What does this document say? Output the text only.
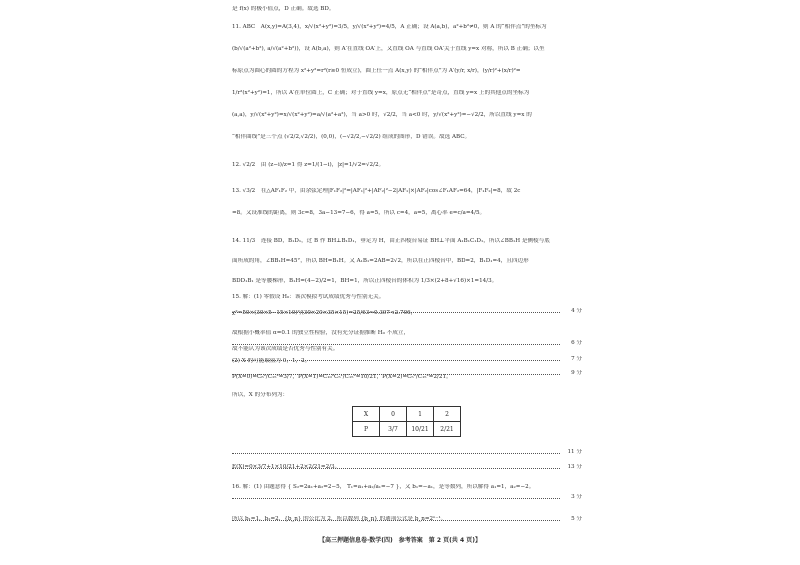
是 f(x) 的极小值点，D 正确。故选 BD。
11. ABC　A(x,y)=A(3,4)，x/√(x²+y²)=3/5，y/√(x²+y²)=4/5，A 正确；设 A(a,b)，a²+b²≠0，则 A 的“相伴点”的坐标为
(b/√(a²+b²), a/√(a²+b²))，设 A(b,a)，则 A′在直线 OA′上，又直线 OA 与直线 OA′关于直线 y=x 对称，所以 B 正确；以坐
标原点为圆心的圆的方程为 x²+y²=r²(r≥0 恒成立)，圆上任一点 A(x,y) 的“相伴点”为 A′(y/r, x/r)，(y/r)²+(x/r)²=
1/r²(x²+y²)=1，所以 A′在单位圆上，C 正确；对于直线 y=x，原点无“相伴点”是奇点，直线 y=x 上的其他点的坐标为
(a,a)，y/√(x²+y²)=x/√(x²+y²)=a/√(a²+a²)，当 a>0 时，√2/2，当 a<0 时，y/√(x²+y²)=−√2/2，所以直线 y=x 的
“相伴曲线”是三个点 (√2/2,√2/2)，(0,0)，(−√2/2,−√2/2) 组成的图形，D 错误。故选 ABC。
12. √2/2　由 (z−i)/z=1 得 z=1/(1−i)，|z|=1/√2=√2/2。
13. √3/2　在△AF₁F₂ 中，由余弦定理|F₁F₂|²=|AF₁|²+|AF₂|²−2|AF₁|×|AF₂|cos∠F₁AF₂=64，|F₁F₂|=8，故 2c
=8。又设准线的距离，则 3c=8，3a−13=7−6，得 a=5，所以 c=4，a=5，离心率 e=c/a=4/5。
14. 11/3　连接 BD，B₁D₁，过 B 作 BH⊥B₁D₁，垂足为 H，由正四棱台易证 BH⊥平面 A₁B₁C₁D₁，所以∠BB₁H 是侧棱与底
面所成的角，∠BB₁H=45°，所以 BH=B₁H。又 A₁B₁=2AB=2√2，所以在正四棱台中，BD=2，B₁D₁=4，且四边形
BDD₁B₁ 是等腰梯形，B₁H=(4−2)/2=1，BH=1，所以正四棱台的体积为 1/3×(2+8+√16)×1=14/3。
15. 解：(1) 零假设 H₀：该次模拟考试成绩优秀与性别无关。
χ²=50×(30×5−15×10)²/(30×20×35×15)=25/63≈0.397<2.706，
故根据小概率值 α=0.1 的独立性检验，没有充分证据推断 H₀ 不成立，
故不能认为该次成绩是否优秀与性别有关。
(2) X 的可能取值为 0，1，2。
P(X=0)=C₆²/C₁₅²=3/7，P(X=1)=C₁₀¹C₅¹/C₁₅²=10/21，P(X=2)=C₅²/C₁₅²=2/21。
所以，X 的分布列为：
E(X)=0×3/7+1×10/21+2×2/21=2/3。
16. 解：(1) 由题意得 { S₂=2a₁+a₂=2−5， T₁=a₁+a₂/a₁=−7 }，又 b₁=−a₁，是等数列，所以解得 a₁=1，a₂=−2。
所以 b₁=1，b₂=2，{b_n} 的公比为 2，所以数列 {b_n} 的通项公式是 b_n=2ⁿ⁻¹。
4 分
6 分
7 分
9 分
11 分
13 分
3 分
5 分
X	0	1	2
P	3/7	10/21	2/21
【高三押题信息卷·数学(四)　参考答案　第 2 页(共 4 页)】
